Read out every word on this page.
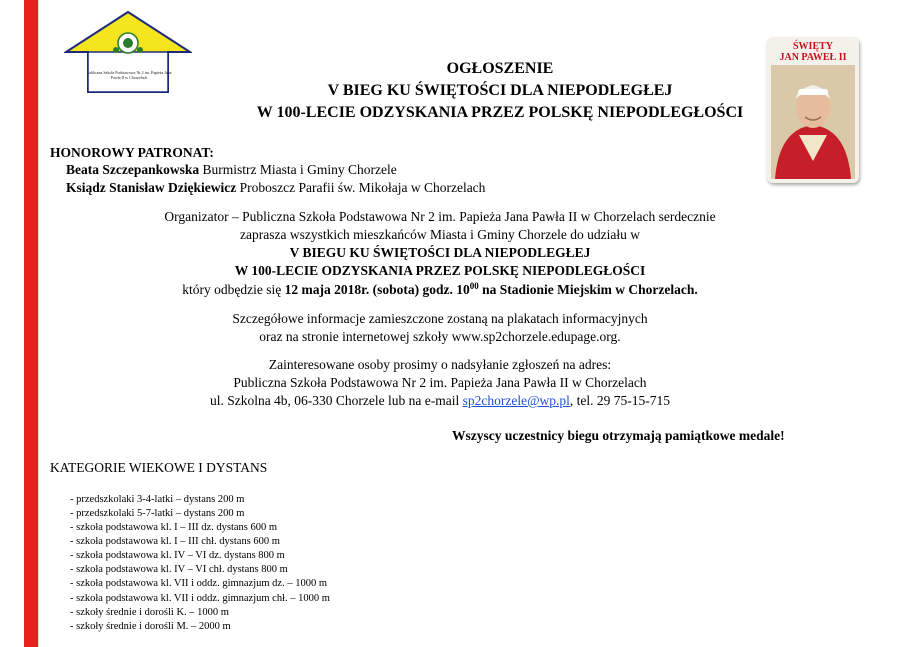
Publiczna Szkoła Podstawowa Nr 2 im. Papieża Jana Pawła II w Chorzelach
ŚWIĘTY
JAN PAWEŁ II
OGŁOSZENIE
V BIEG KU ŚWIĘTOŚCI DLA NIEPODLEGŁEJ
W 100-LECIE ODZYSKANIA PRZEZ POLSKĘ NIEPODLEGŁOŚCI
HONOROWY PATRONAT:
Beata Szczepankowska Burmistrz Miasta i Gminy Chorzele
Ksiądz Stanisław Dziękiewicz Proboszcz Parafii św. Mikołaja w Chorzelach
Organizator – Publiczna Szkoła Podstawowa Nr 2 im. Papieża Jana Pawła II w Chorzelach serdecznie
zaprasza wszystkich mieszkańców Miasta i Gminy Chorzele do udziału w
V BIEGU KU ŚWIĘTOŚCI DLA NIEPODLEGŁEJ
W 100-LECIE ODZYSKANIA PRZEZ POLSKĘ NIEPODLEGŁOŚCI
który odbędzie się 12 maja 2018r. (sobota) godz. $10^{00}$ na Stadionie Miejskim w Chorzelach.
Szczegółowe informacje zamieszczone zostaną na plakatach informacyjnych
oraz na stronie internetowej szkoły www.sp2chorzele.edupage.org.
Zainteresowane osoby prosimy o nadsyłanie zgłoszeń na adres:
Publiczna Szkoła Podstawowa Nr 2 im. Papieża Jana Pawła II w Chorzelach
ul. Szkolna 4b, 06-330 Chorzele lub na e-mail sp2chorzele@wp.pl, tel. 29 75-15-715
Wszyscy uczestnicy biegu otrzymają pamiątkowe medale!
KATEGORIE WIEKOWE I DYSTANS
- przedszkolaki 3-4-latki – dystans 200 m
- przedszkolaki 5-7-latki – dystans 200 m
- szkoła podstawowa kl. I – III dz. dystans 600 m
- szkoła podstawowa kl. I – III chł. dystans 600 m
- szkoła podstawowa kl. IV – VI dz. dystans 800 m
- szkoła podstawowa kl. IV – VI chł. dystans 800 m
- szkoła podstawowa kl. VII i oddz. gimnazjum dz. – 1000 m
- szkoła podstawowa kl. VII i oddz. gimnazjum chł. – 1000 m
- szkoły średnie i dorośli K. – 1000 m
- szkoły średnie i dorośli M. – 2000 m
